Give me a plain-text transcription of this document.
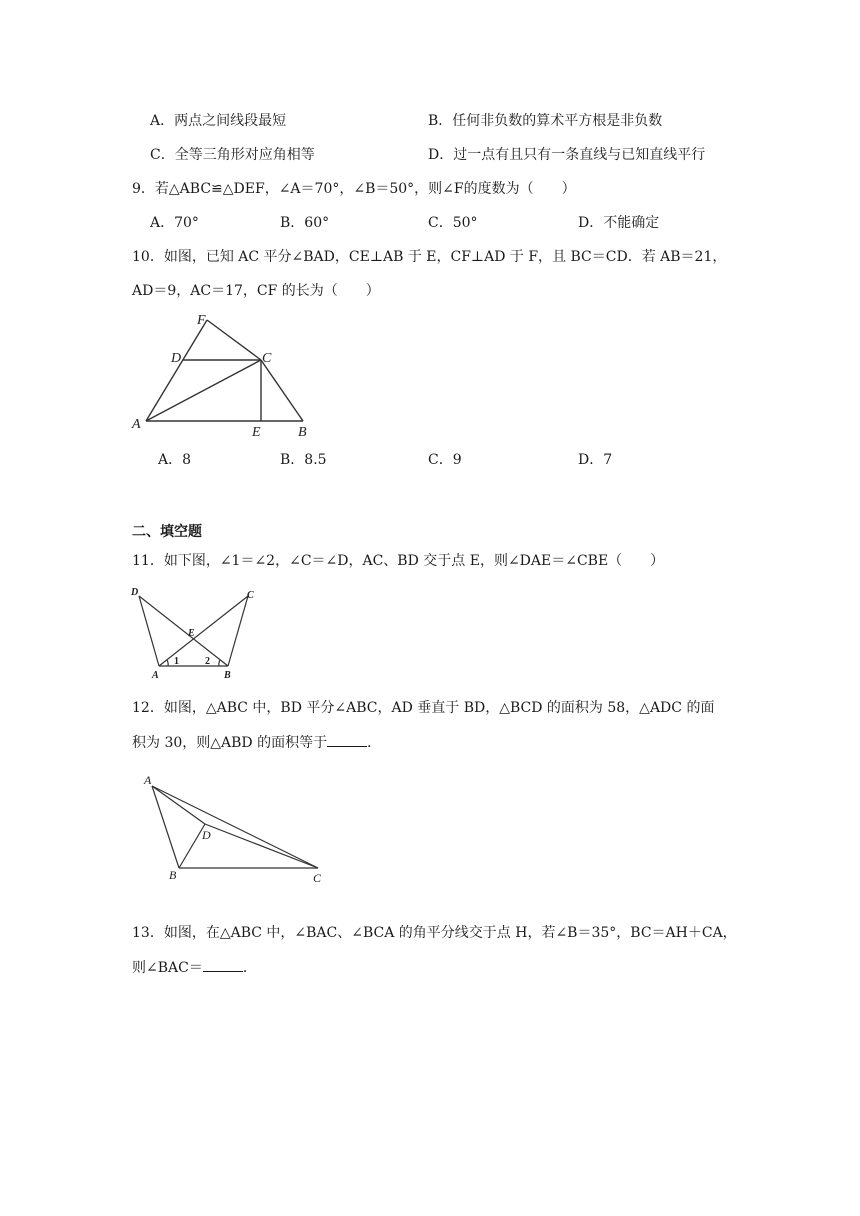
A．两点之间线段最短	B．任何非负数的算术平方根是非负数
C．全等三角形对应角相等	D．过一点有且只有一条直线与已知直线平行
9．若△ABC≌△DEF，∠A＝70°，∠B＝50°，则∠F的度数为（　　）
A．70°	B．60°	C．50°	D．不能确定
10．如图，已知 AC 平分∠BAD，CE⊥AB 于 E，CF⊥AD 于 F，且 BC＝CD．若 AB＝21，
AD＝9，AC＝17，CF 的长为（　　）
F
D	C
A
E	B
A．8	B．8.5	C．9	D．7
二、填空题
11．如下图，∠1＝∠2，∠C＝∠D，AC、BD 交于点 E，则∠DAE＝∠CBE（　　）
D	C
E
A
1	2
B
12．如图，△ABC 中，BD 平分∠ABC，AD 垂直于 BD，△BCD 的面积为 58，△ADC 的面
积为 30，则△ABD 的面积等于	．
A
D
B	C
13．如图，在△ABC 中，∠BAC、∠BCA 的角平分线交于点 H，若∠B＝35°，BC＝AH＋CA，
则∠BAC＝	．
